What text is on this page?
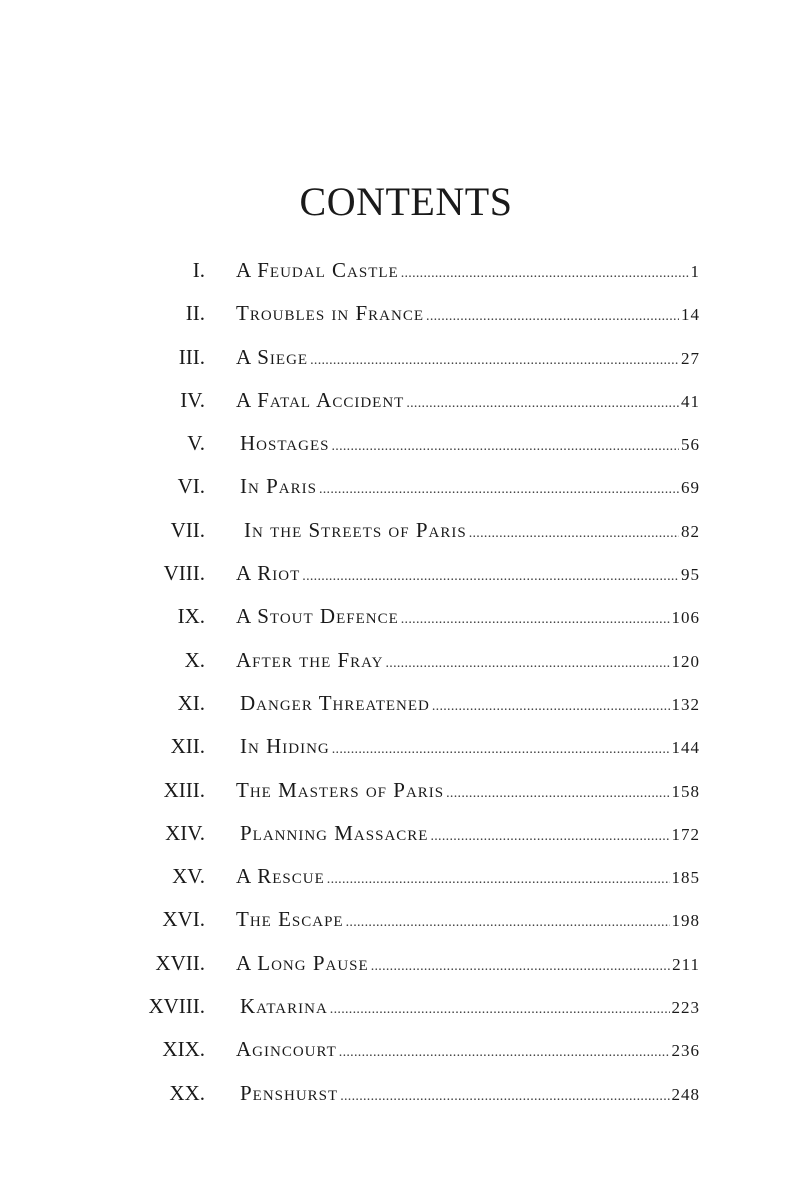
CONTENTS
I. A Feudal Castle .....	1
II. Troubles in France .....	14
III. A Siege .....	27
IV. A Fatal Accident .....	41
V. Hostages .....	56
VI. In Paris .....	69
VII. In the Streets of Paris .....	82
VIII. A Riot .....	95
IX. A Stout Defence .....	106
X. After the Fray .....	120
XI. Danger Threatened .....	132
XII. In Hiding .....	144
XIII. The Masters of Paris .....	158
XIV. Planning Massacre .....	172
XV. A Rescue .....	185
XVI. The Escape .....	198
XVII. A Long Pause .....	211
XVIII. Katarina .....	223
XIX. Agincourt .....	236
XX. Penshurst .....	248
